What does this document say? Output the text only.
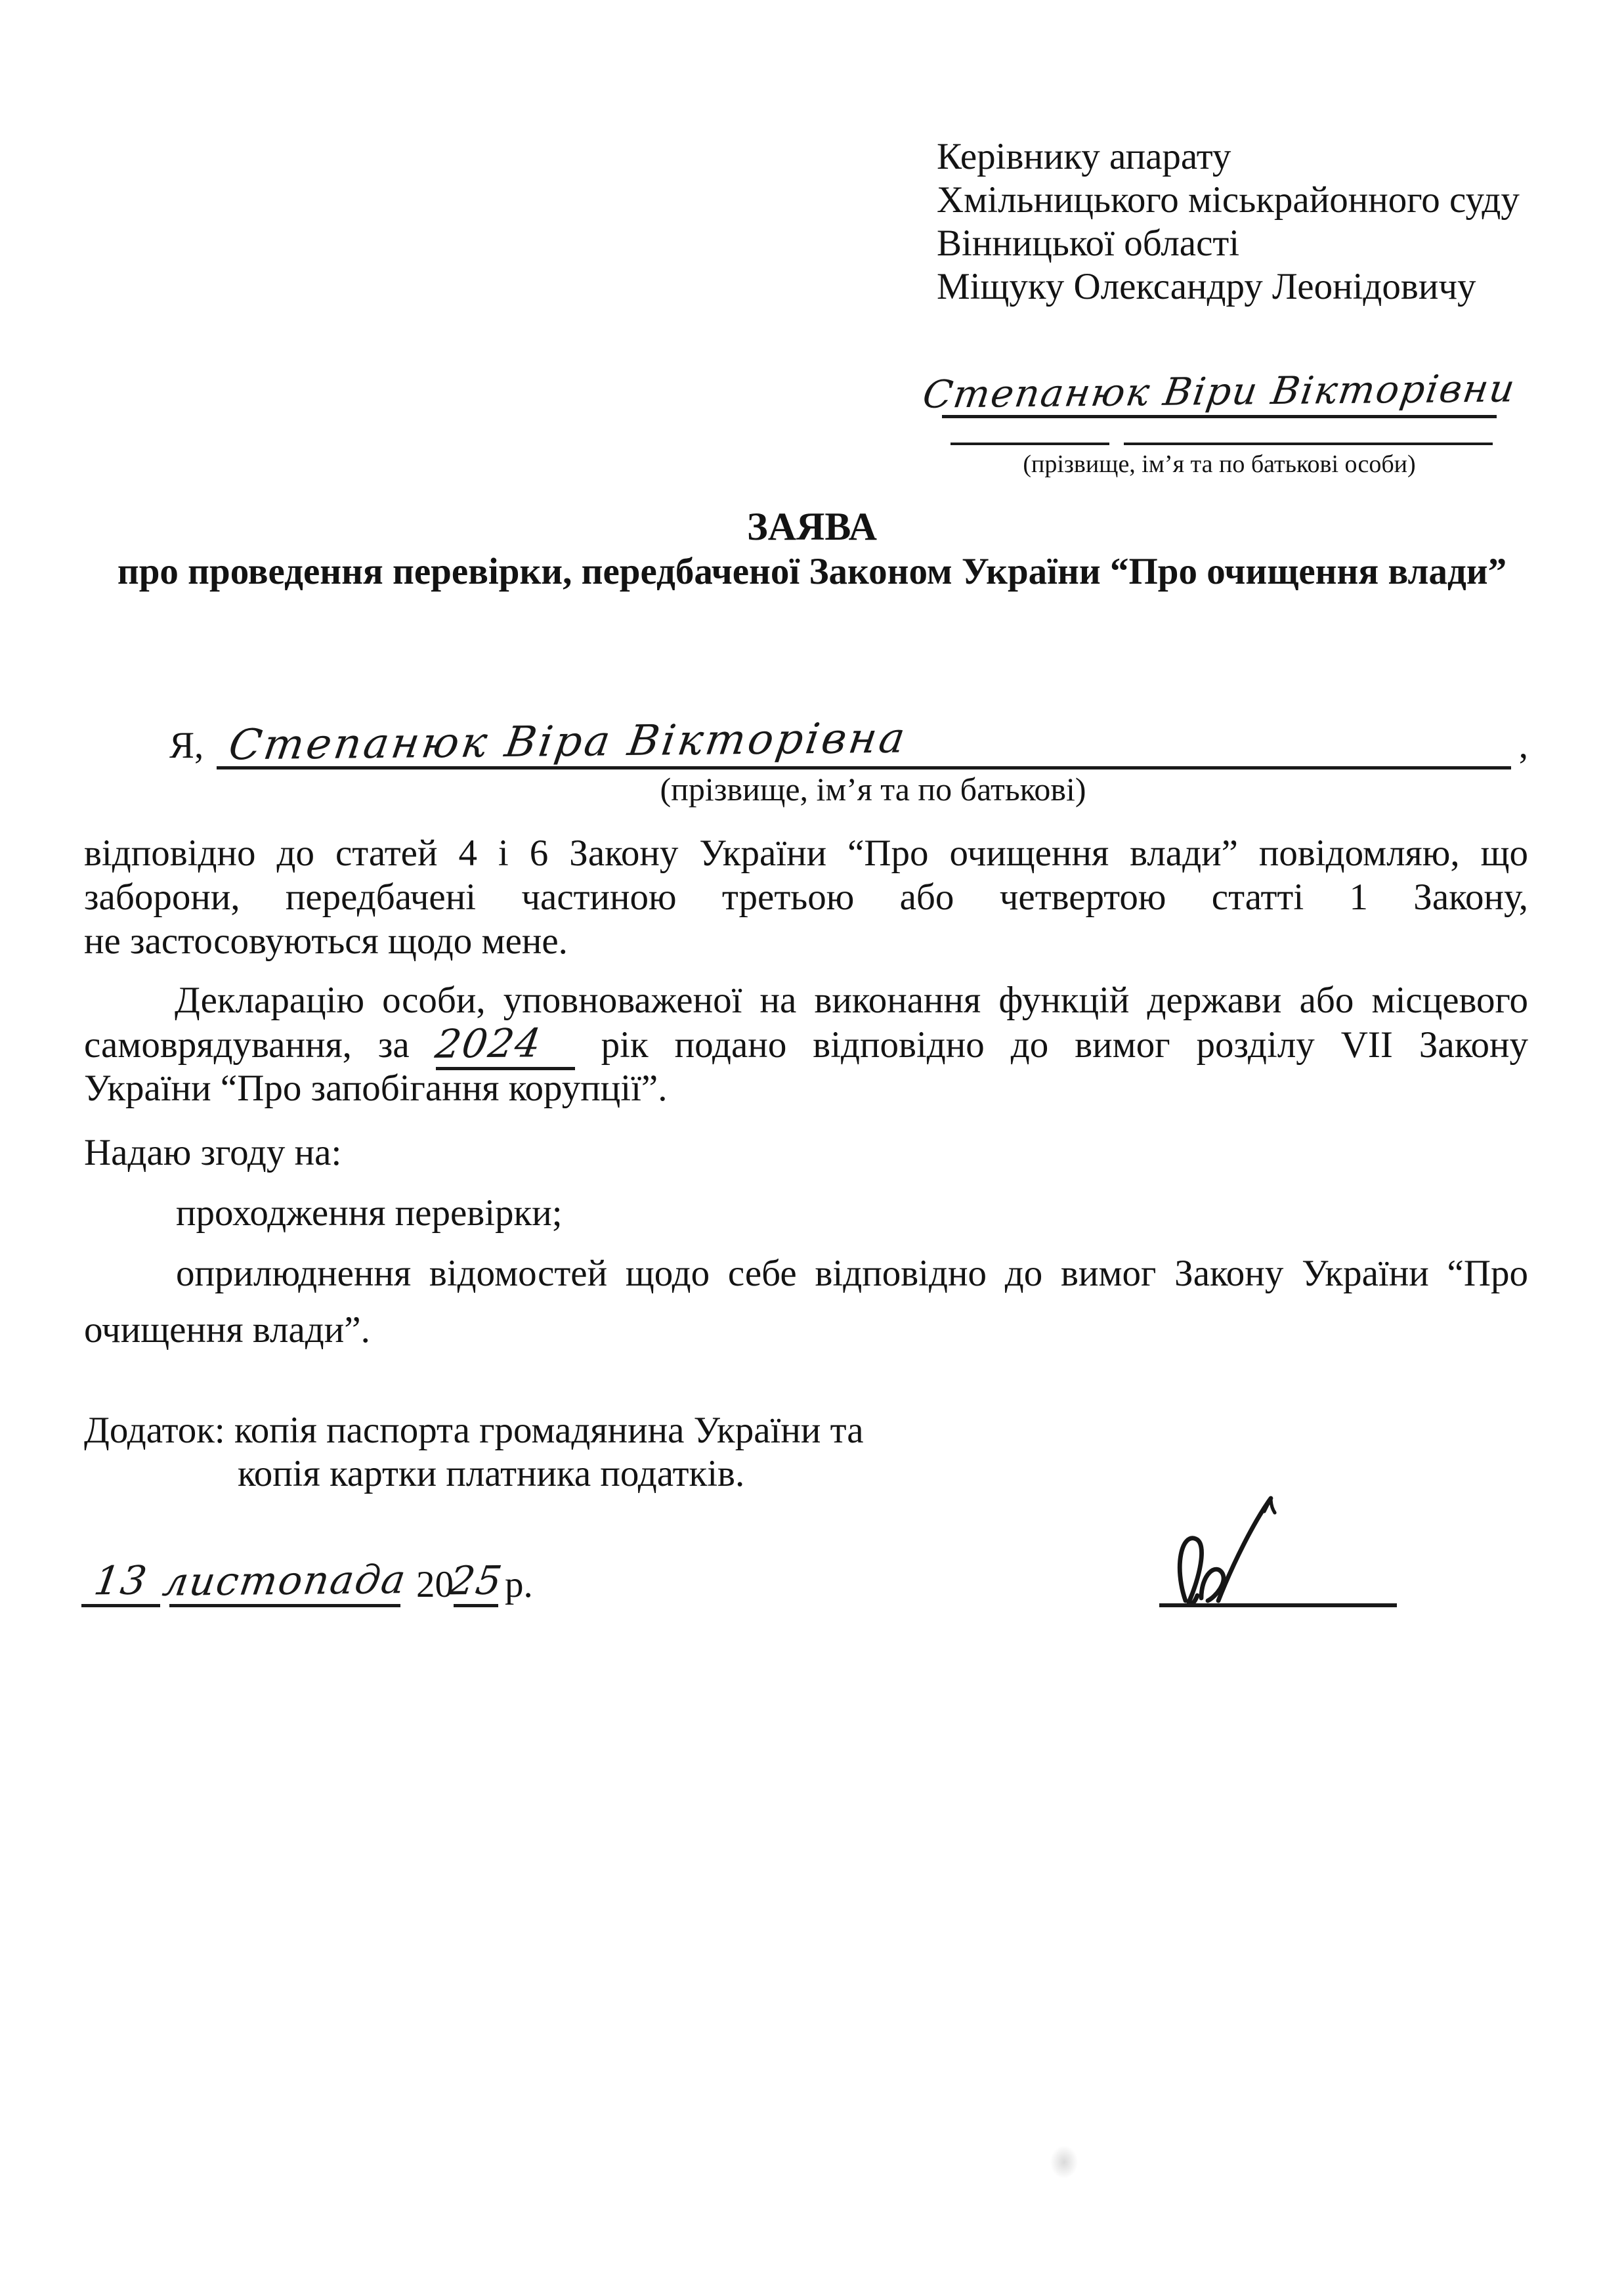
Керівнику апарату
Хмільницького міськрайонного суду
Вінницької області
Міщуку Олександру Леонідовичу
Степанюк Віри Вікторівни
(прізвище, ім’я та по батькові особи)
ЗАЯВА
про проведення перевірки, передбаченої Законом України “Про очищення влади”
Я, Степанюк Віра Вікторівна	,
(прізвище, ім’я та по батькові)
відповідно до статей 4 і 6 Закону України “Про очищення влади” повідомляю, що
заборони, передбачені частиною третьою або четвертою статті 1 Закону,
не застосовуються щодо мене.
Декларацію особи, уповноваженої на виконання функцій держави або місцевого
самоврядування, за 2024 рік подано відповідно до вимог розділу VII Закону
України “Про запобігання корупції”.
Надаю згоду на:
проходження перевірки;
оприлюднення відомостей щодо себе відповідно до вимог Закону України “Про
очищення влади”.
Додаток: копія паспорта громадянина України та
копія картки платника податків.
13 листопада 20
25
р.
